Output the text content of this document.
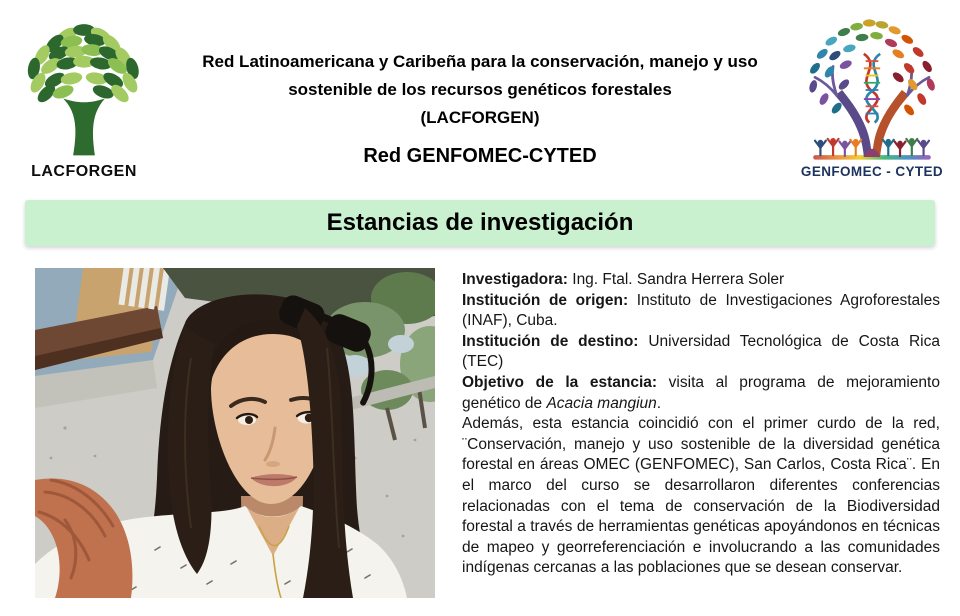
LACFORGEN
Red Latinoamericana y Caribeña para la conservación, manejo y uso
sostenible de los recursos genéticos forestales
(LACFORGEN)
Red GENFOMEC-CYTED
GENFOMEC - CYTED
Estancias de investigación

Investigadora: Ing. Ftal. Sandra Herrera Soler

Institución de origen: Instituto de Investigaciones Agroforestales (INAF), Cuba.

Institución de destino: Universidad Tecnológica de Costa Rica (TEC)

Objetivo de la estancia: visita al programa de mejoramiento genético de Acacia mangiun.

Además, esta estancia coincidió con el primer curdo de la red, ¨Conservación, manejo y uso sostenible de la diversidad genética forestal en áreas OMEC (GENFOMEC), San Carlos, Costa Rica¨. En el marco del curso se desarrollaron diferentes conferencias relacionadas con el tema de conservación de la Biodiversidad forestal a través de herramientas genéticas apoyándonos en técnicas de mapeo y georreferenciación e involucrando a las comunidades indígenas cercanas a las poblaciones que se desean conservar.
